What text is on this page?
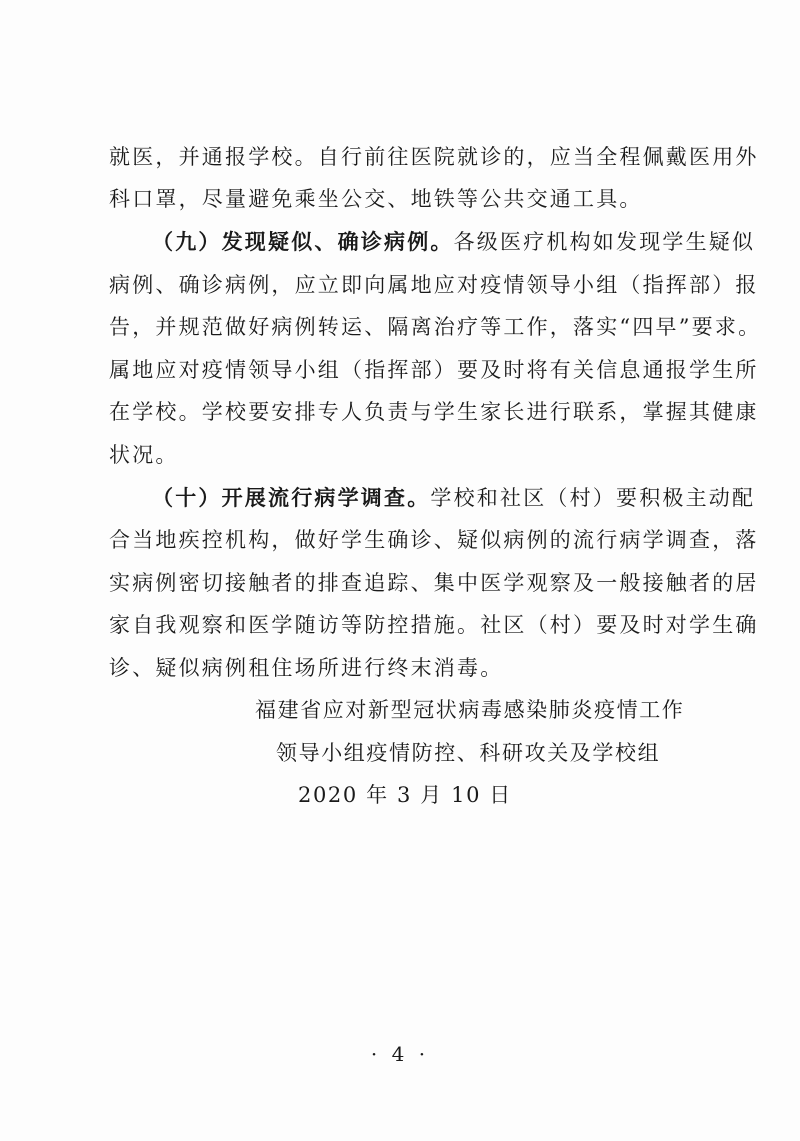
就医，并通报学校。自行前往医院就诊的，应当全程佩戴医用外
科口罩，尽量避免乘坐公交、地铁等公共交通工具。
（九）发现疑似、确诊病例。各级医疗机构如发现学生疑似
病例、确诊病例，应立即向属地应对疫情领导小组（指挥部）报
告，并规范做好病例转运、隔离治疗等工作，落实“四早”要求。
属地应对疫情领导小组（指挥部）要及时将有关信息通报学生所
在学校。学校要安排专人负责与学生家长进行联系，掌握其健康
状况。
（十）开展流行病学调查。学校和社区（村）要积极主动配
合当地疾控机构，做好学生确诊、疑似病例的流行病学调查，落
实病例密切接触者的排查追踪、集中医学观察及一般接触者的居
家自我观察和医学随访等防控措施。社区（村）要及时对学生确
诊、疑似病例租住场所进行终末消毒。
福建省应对新型冠状病毒感染肺炎疫情工作
领导小组疫情防控、科研攻关及学校组
2020 年 3 月 10 日
· 4 ·
